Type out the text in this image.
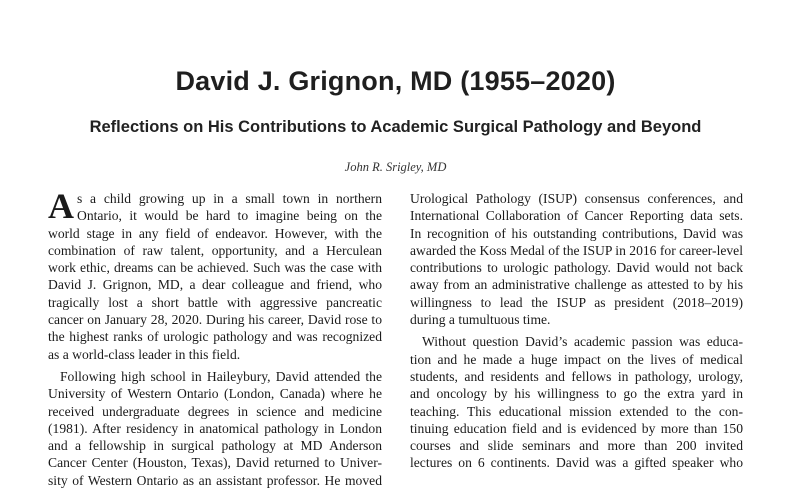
David J. Grignon, MD (1955–2020)
Reflections on His Contributions to Academic Surgical Pathology and Beyond

John R. Srigley, MD

A s a child growing up in a small town in northern
Ontario, it would be hard to imagine being on the
world stage in any field of endeavor. However, with the
combination of raw talent, opportunity, and a Herculean
work ethic, dreams can be achieved. Such was the case with
David J. Grignon, MD, a dear colleague and friend, who
tragically lost a short battle with aggressive pancreatic
cancer on January 28, 2020. During his career, David rose to
the highest ranks of urologic pathology and was recognized
as a world-class leader in this field.

Following high school in Haileybury, David attended the
University of Western Ontario (London, Canada) where he
received undergraduate degrees in science and medicine
(1981). After residency in anatomical pathology in London
and a fellowship in surgical pathology at MD Anderson
Cancer Center (Houston, Texas), David returned to Univer-
sity of Western Ontario as an assistant professor. He moved

Urological Pathology (ISUP) consensus conferences, and
International Collaboration of Cancer Reporting data sets.
In recognition of his outstanding contributions, David was
awarded the Koss Medal of the ISUP in 2016 for career-level
contributions to urologic pathology. David would not back
away from an administrative challenge as attested to by his
willingness to lead the ISUP as president (2018–2019)
during a tumultuous time.

Without question David’s academic passion was educa-
tion and he made a huge impact on the lives of medical
students, and residents and fellows in pathology, urology,
and oncology by his willingness to go the extra yard in
teaching. This educational mission extended to the con-
tinuing education field and is evidenced by more than 150
courses and slide seminars and more than 200 invited
lectures on 6 continents. David was a gifted speaker who
